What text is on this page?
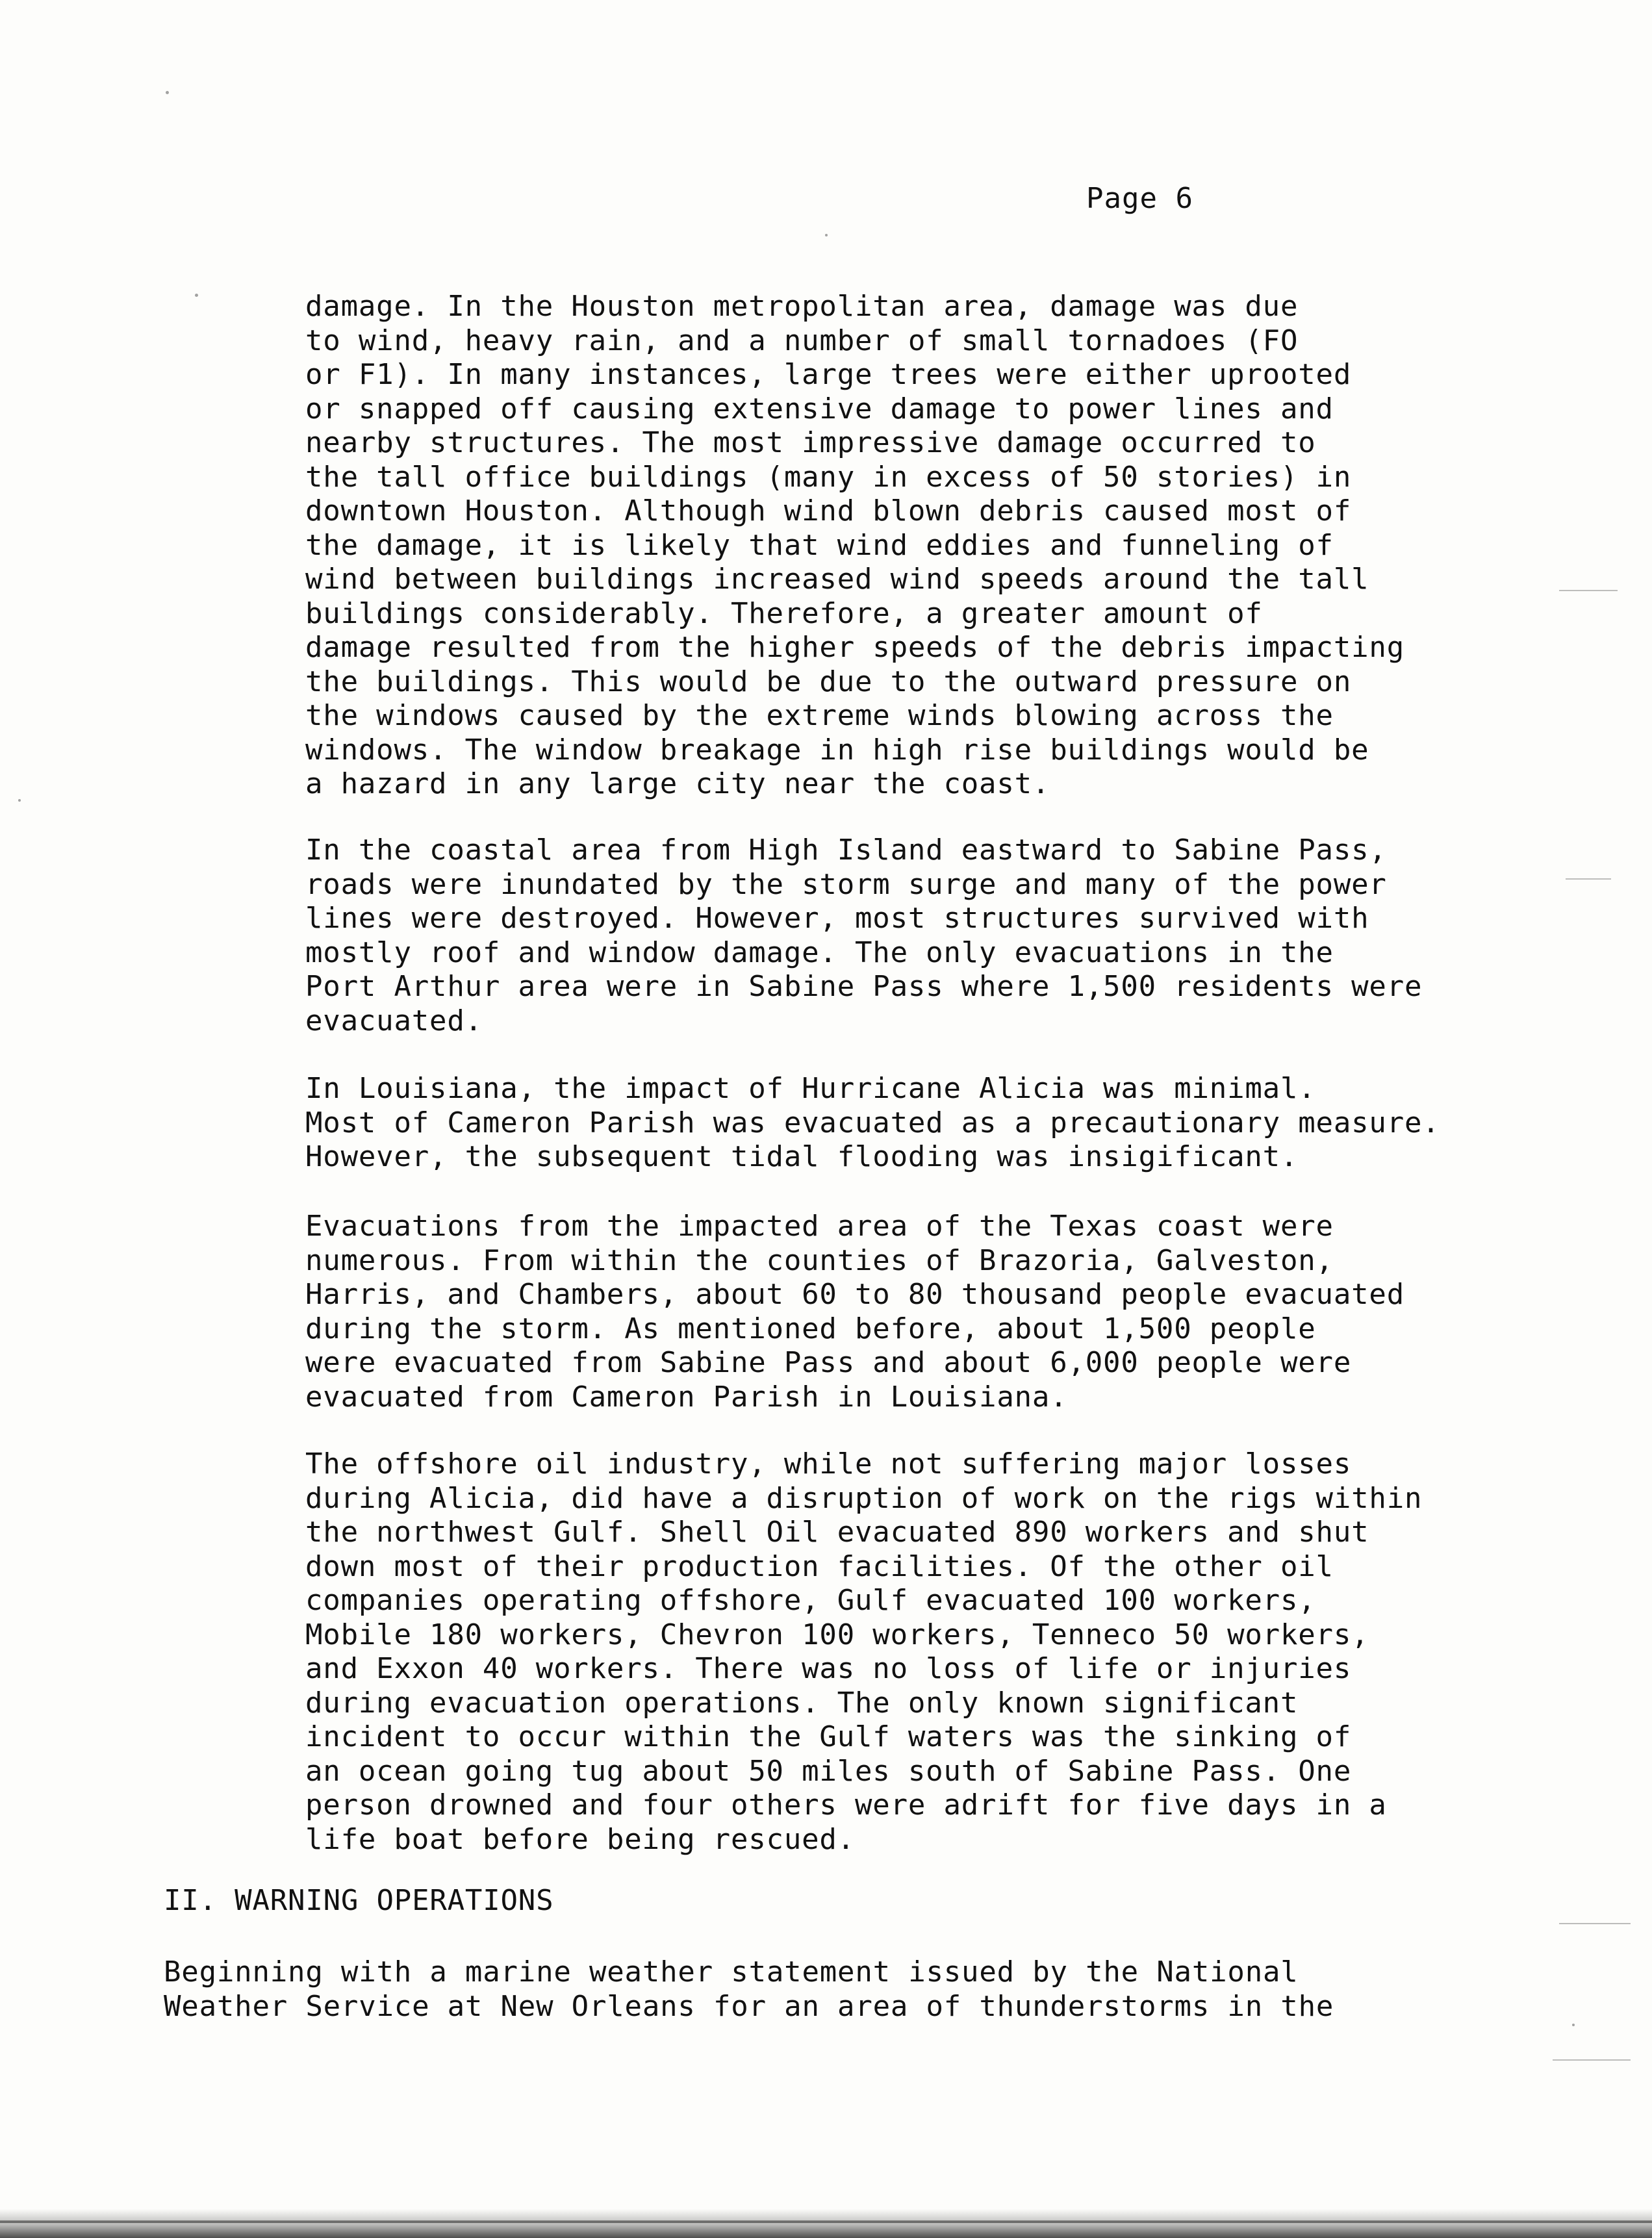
Page 6
damage. In the Houston metropolitan area, damage was due
to wind, heavy rain, and a number of small tornadoes (FO
or F1). In many instances, large trees were either uprooted
or snapped off causing extensive damage to power lines and
nearby structures. The most impressive damage occurred to
the tall office buildings (many in excess of 50 stories) in
downtown Houston. Although wind blown debris caused most of
the damage, it is likely that wind eddies and funneling of
wind between buildings increased wind speeds around the tall
buildings considerably. Therefore, a greater amount of
damage resulted from the higher speeds of the debris impacting
the buildings. This would be due to the outward pressure on
the windows caused by the extreme winds blowing across the
windows. The window breakage in high rise buildings would be
a hazard in any large city near the coast.
In the coastal area from High Island eastward to Sabine Pass,
roads were inundated by the storm surge and many of the power
lines were destroyed. However, most structures survived with
mostly roof and window damage. The only evacuations in the
Port Arthur area were in Sabine Pass where 1,500 residents were
evacuated.
In Louisiana, the impact of Hurricane Alicia was minimal.
Most of Cameron Parish was evacuated as a precautionary measure.
However, the subsequent tidal flooding was insigificant.
Evacuations from the impacted area of the Texas coast were
numerous. From within the counties of Brazoria, Galveston,
Harris, and Chambers, about 60 to 80 thousand people evacuated
during the storm. As mentioned before, about 1,500 people
were evacuated from Sabine Pass and about 6,000 people were
evacuated from Cameron Parish in Louisiana.
The offshore oil industry, while not suffering major losses
during Alicia, did have a disruption of work on the rigs within
the northwest Gulf. Shell Oil evacuated 890 workers and shut
down most of their production facilities. Of the other oil
companies operating offshore, Gulf evacuated 100 workers,
Mobile 180 workers, Chevron 100 workers, Tenneco 50 workers,
and Exxon 40 workers. There was no loss of life or injuries
during evacuation operations. The only known significant
incident to occur within the Gulf waters was the sinking of
an ocean going tug about 50 miles south of Sabine Pass. One
person drowned and four others were adrift for five days in a
life boat before being rescued.
II. WARNING OPERATIONS
Beginning with a marine weather statement issued by the National
Weather Service at New Orleans for an area of thunderstorms in the
